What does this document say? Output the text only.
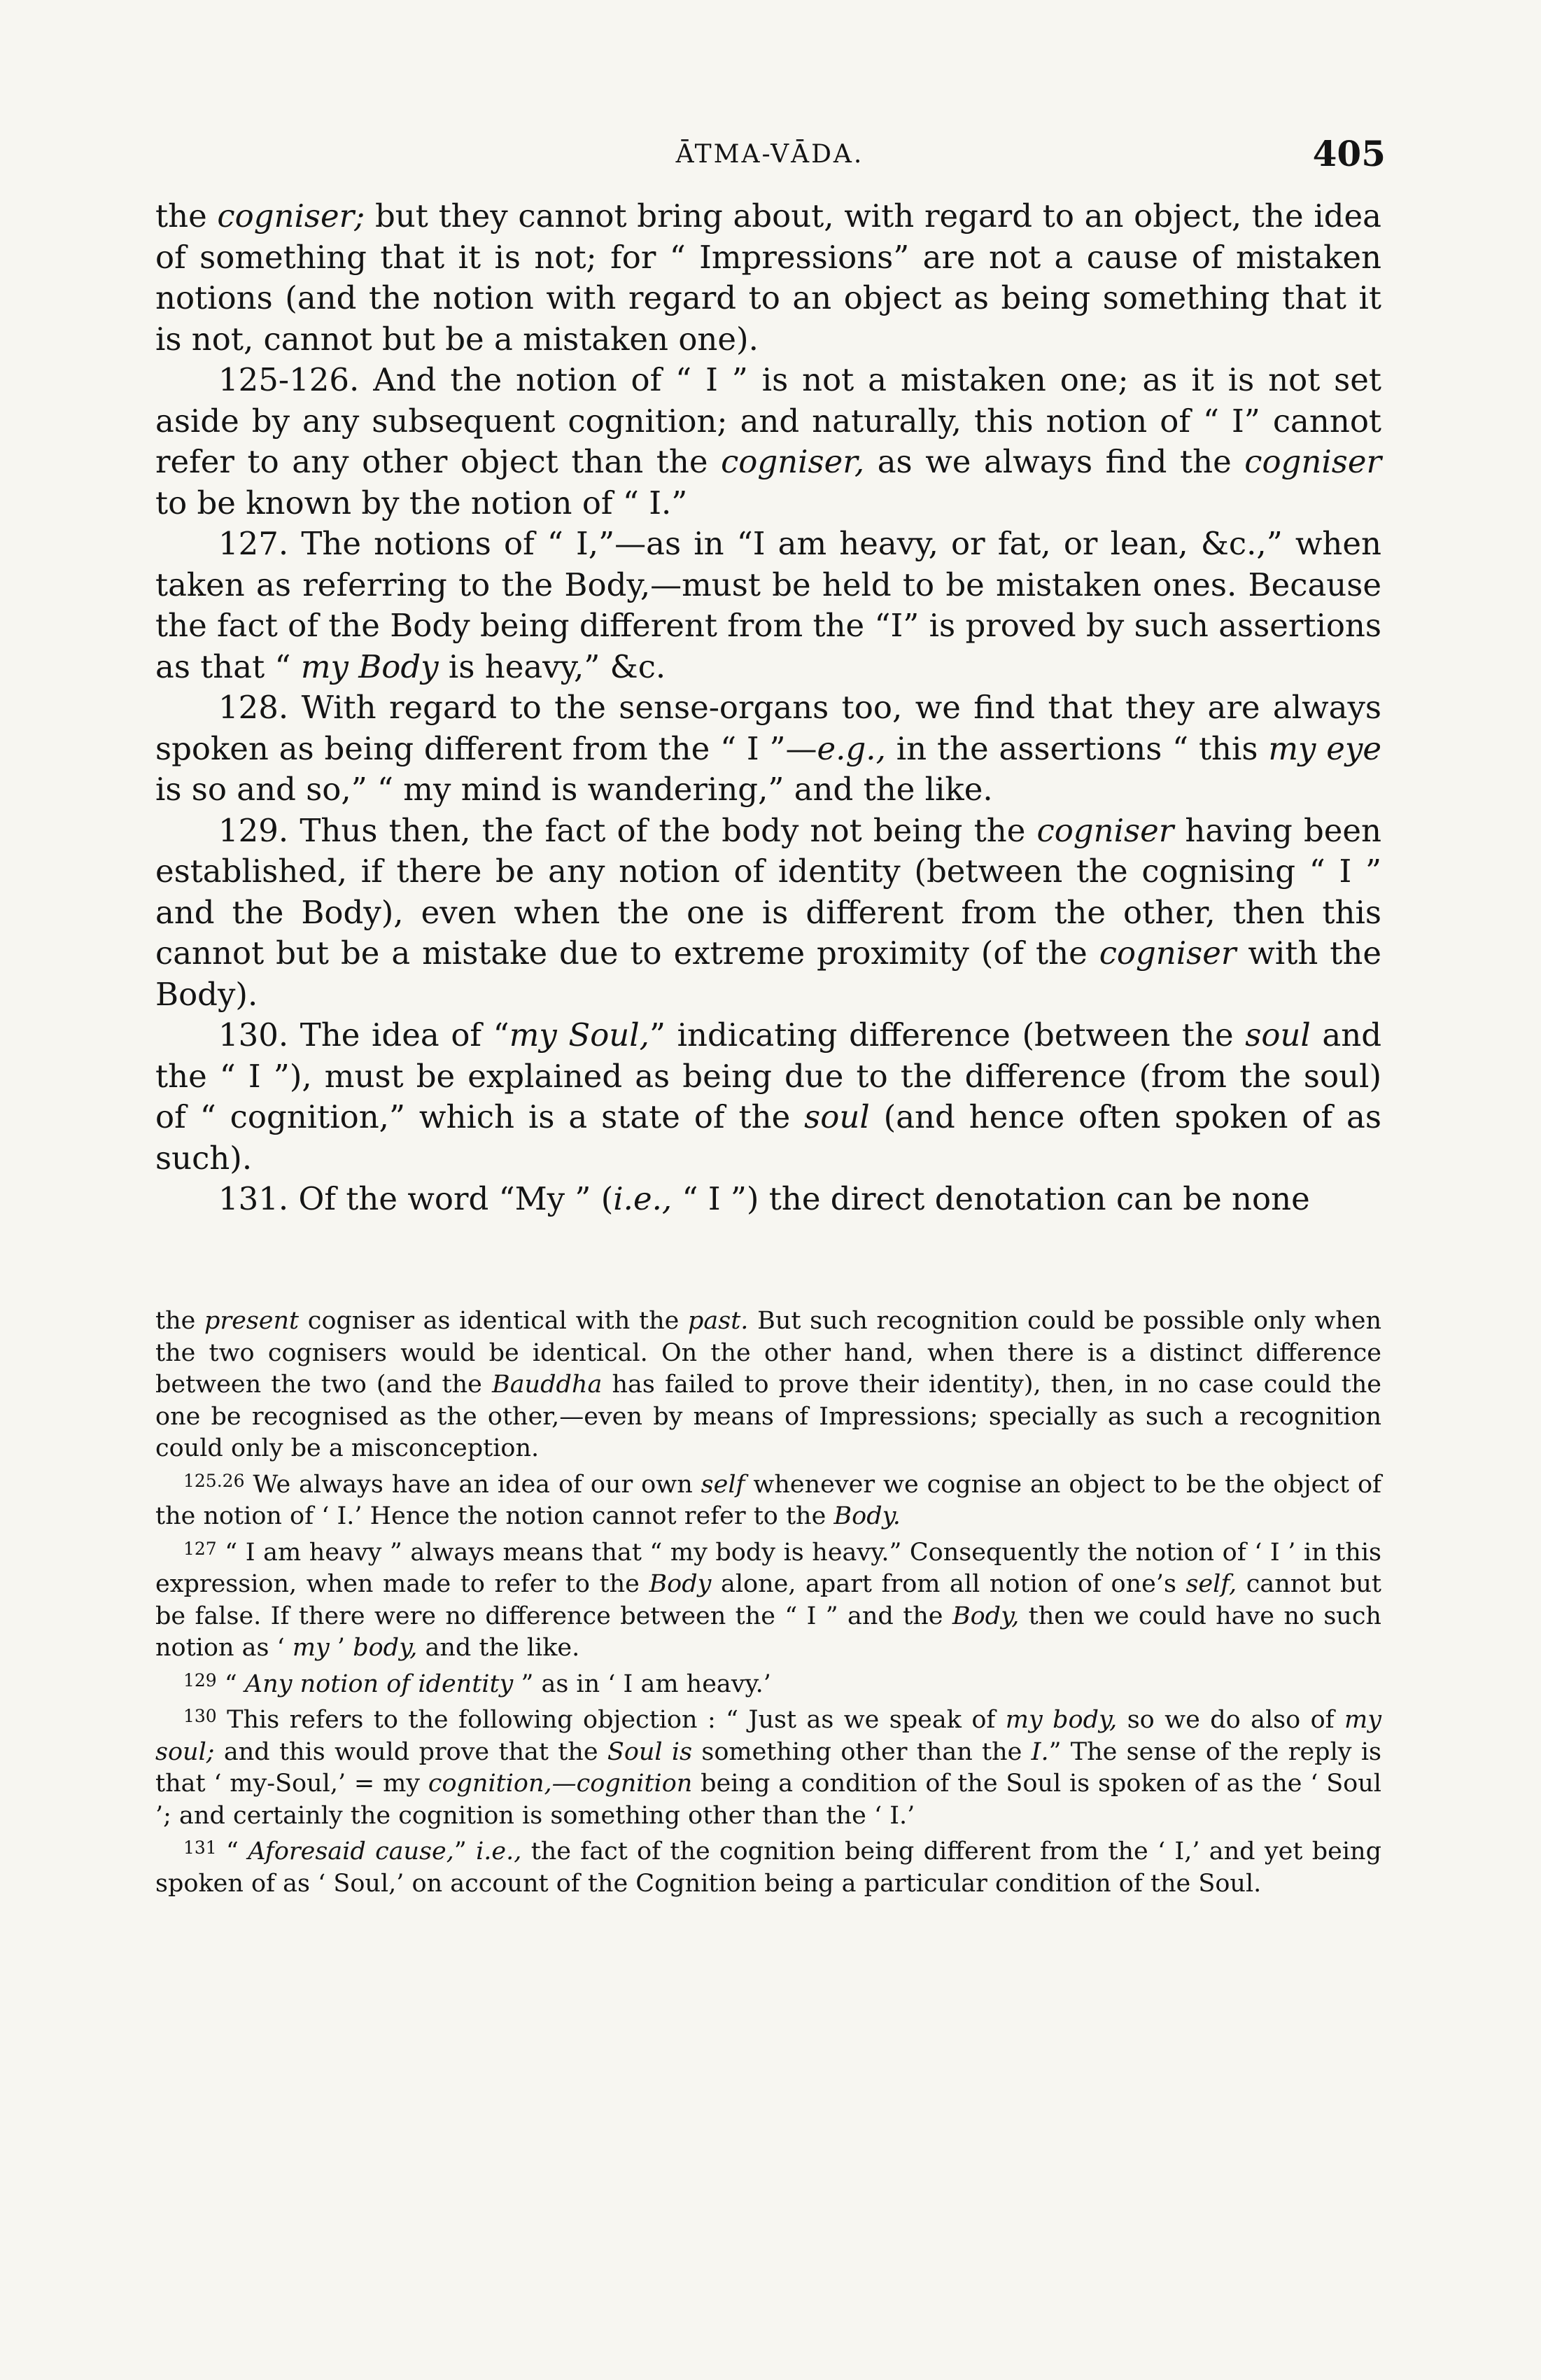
ĀTMA-VĀDA.	405

the cogniser; but they cannot bring about, with regard to an object, the idea of something that it is not; for “ Impressions” are not a cause of mistaken notions (and the notion with regard to an object as being something that it is not, cannot but be a mistaken one).

125-126. And the notion of “ I ” is not a mistaken one; as it is not set aside by any subsequent cognition; and naturally, this notion of “ I” cannot refer to any other object than the cogniser, as we always find the cogniser to be known by the notion of “ I.”

127. The notions of “ I,”—as in “I am heavy, or fat, or lean, &c.,” when taken as referring to the Body,—must be held to be mistaken ones. Because the fact of the Body being different from the “I” is proved by such assertions as that “ my Body is heavy,” &c.

128. With regard to the sense-organs too, we find that they are always spoken as being different from the “ I ”—e.g., in the assertions “ this my eye is so and so,” “ my mind is wandering,” and the like.

129. Thus then, the fact of the body not being the cogniser having been established, if there be any notion of identity (between the cognising “ I ” and the Body), even when the one is different from the other, then this cannot but be a mistake due to extreme proximity (of the cogniser with the Body).

130. The idea of “my Soul,” indicating difference (between the soul and the “ I ”), must be explained as being due to the difference (from the soul) of “ cognition,” which is a state of the soul (and hence often spoken of as such).

131. Of the word “My ” (i.e., “ I ”) the direct denotation can be none

the present cogniser as identical with the past. But such recognition could be possible only when the two cognisers would be identical. On the other hand, when there is a distinct difference between the two (and the Bauddha has failed to prove their identity), then, in no case could the one be recognised as the other,—even by means of Impressions; specially as such a recognition could only be a misconception.

$^{125.26}$ We always have an idea of our own self whenever we cognise an object to be the object of the notion of ‘ I.’ Hence the notion cannot refer to the Body.

$^{127}$ “ I am heavy ” always means that “ my body is heavy.” Consequently the notion of ‘ I ’ in this expression, when made to refer to the Body alone, apart from all notion of one’s self, cannot but be false. If there were no difference between the “ I ” and the Body, then we could have no such notion as ‘ my ’ body, and the like.

$^{129}$ “ Any notion of identity ” as in ‘ I am heavy.’

$^{130}$ This refers to the following objection : “ Just as we speak of my body, so we do also of my soul; and this would prove that the Soul is something other than the I.” The sense of the reply is that ‘ my-Soul,’ = my cognition,—cognition being a condition of the Soul is spoken of as the ‘ Soul ’; and certainly the cognition is something other than the ‘ I.’

$^{131}$ “ Aforesaid cause,” i.e., the fact of the cognition being different from the ‘ I,’ and yet being spoken of as ‘ Soul,’ on account of the Cognition being a particular condition of the Soul.
